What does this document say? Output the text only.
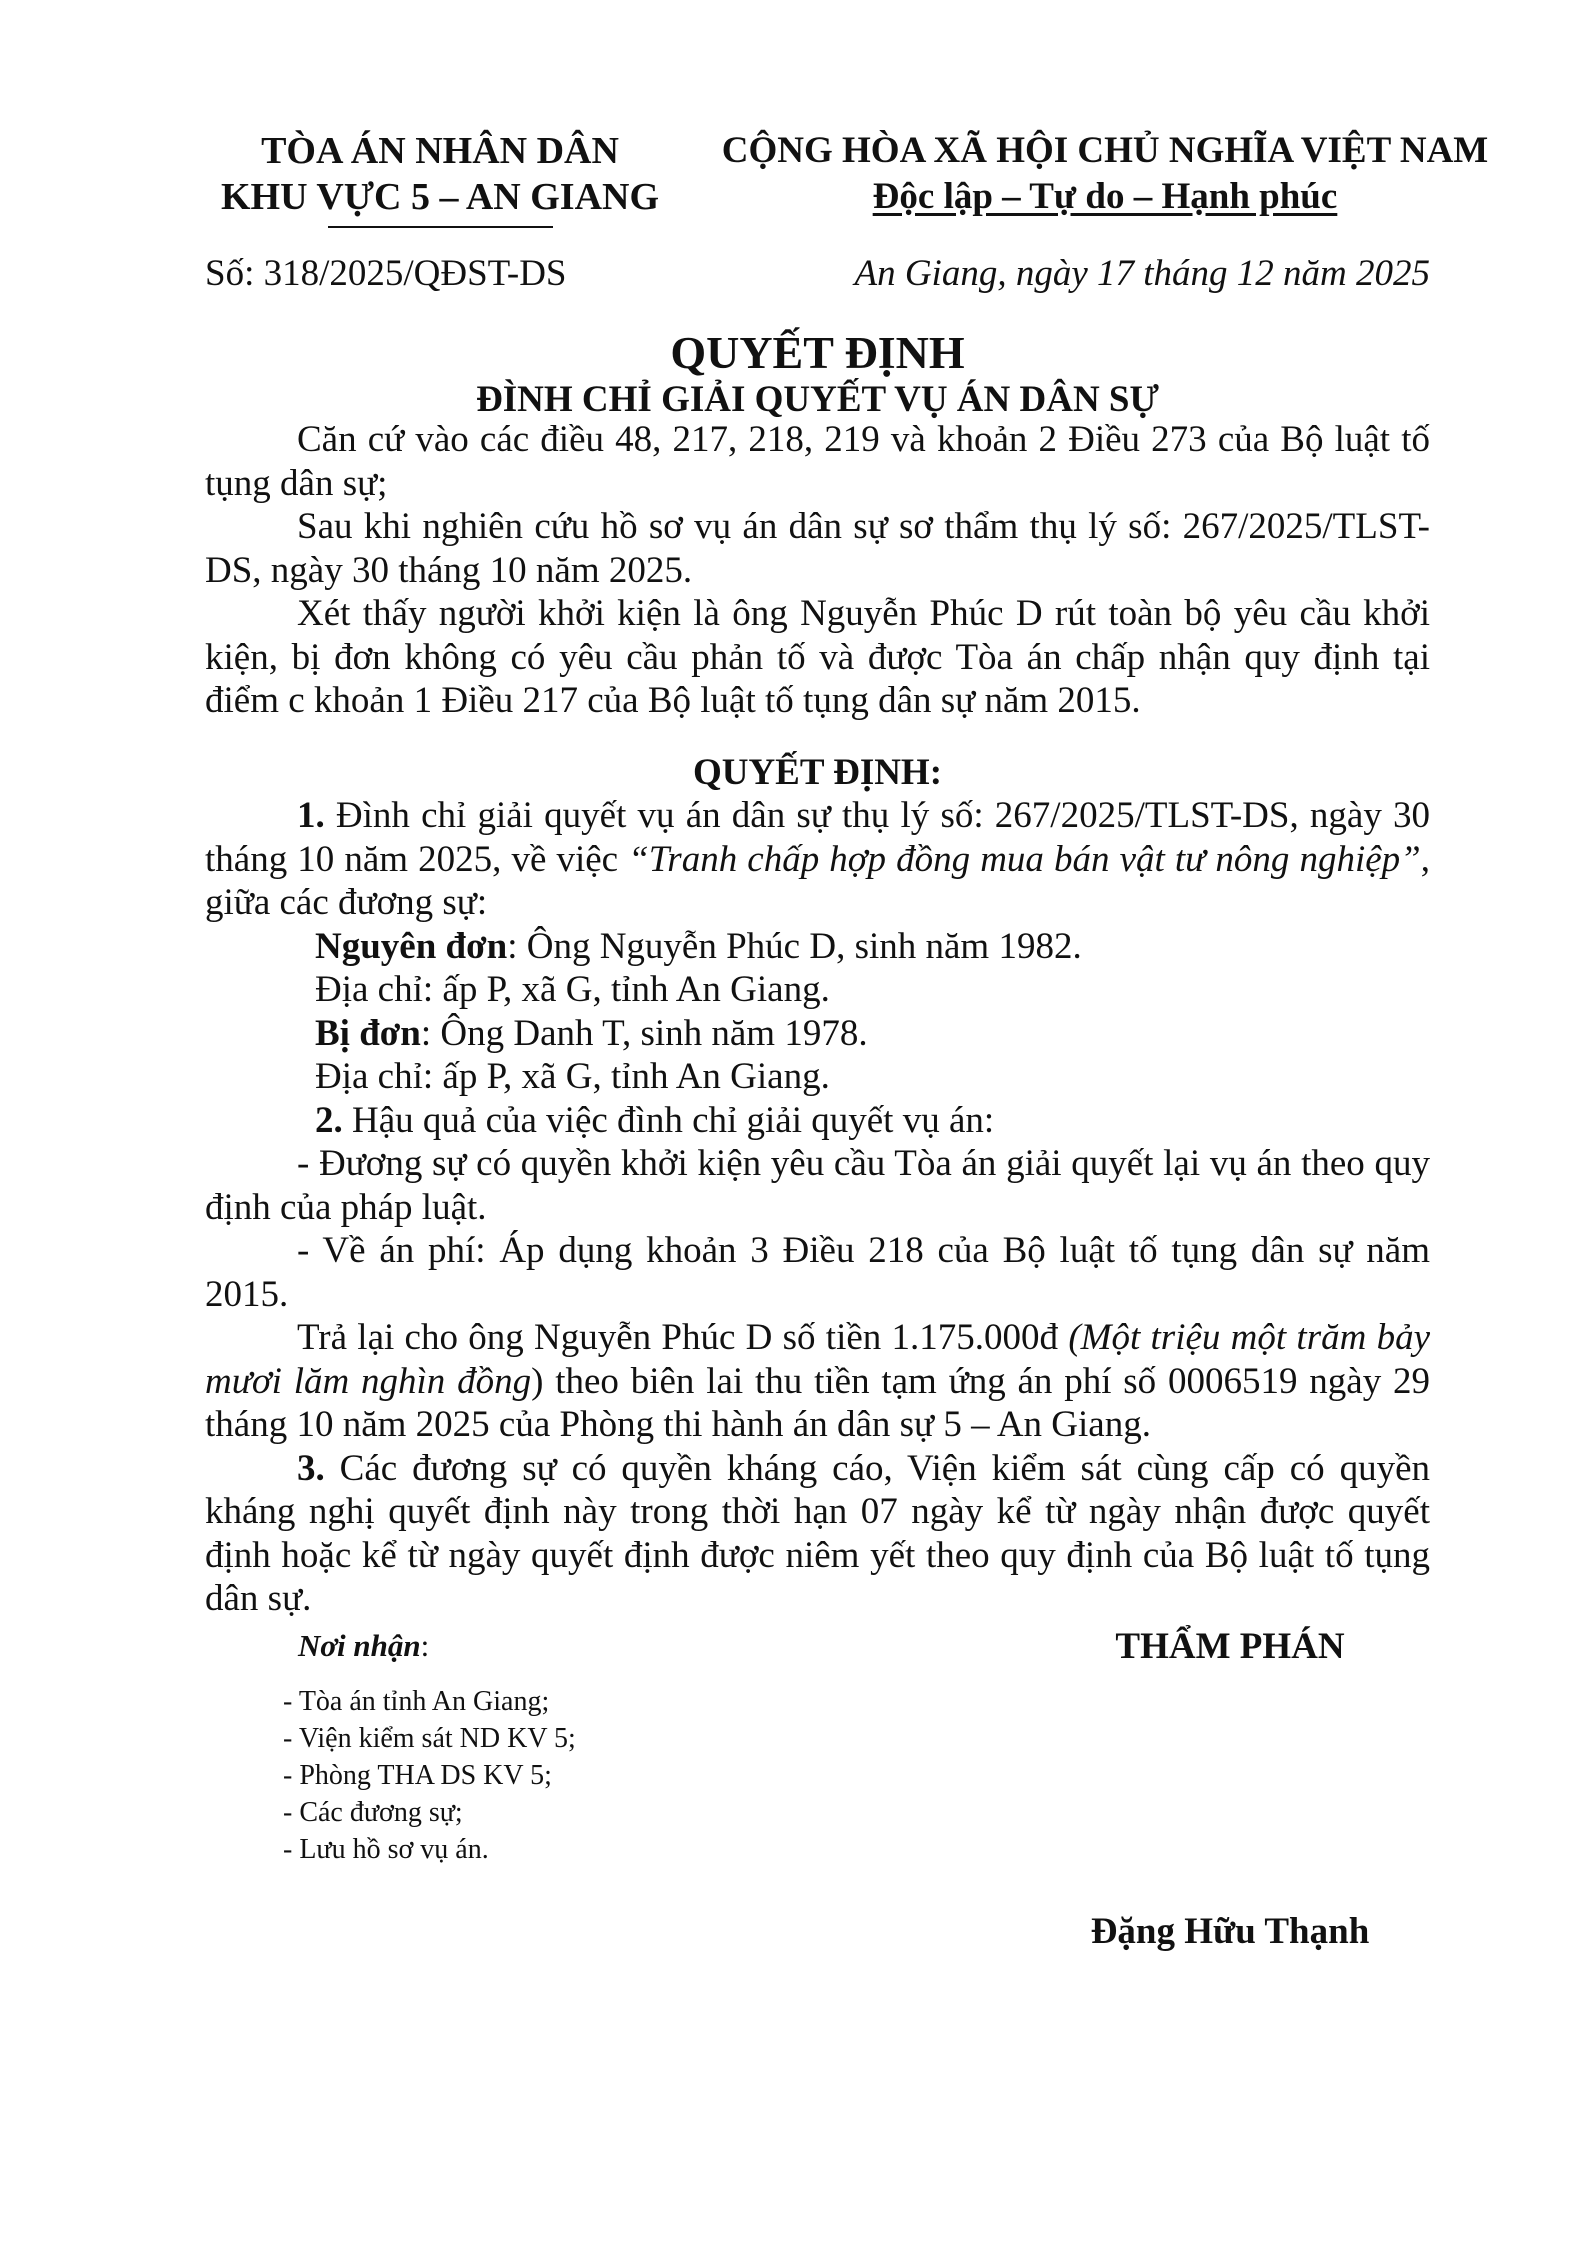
TÒA ÁN NHÂN DÂN
KHU VỰC 5 – AN GIANG
CỘNG HÒA XÃ HỘI CHỦ NGHĨA VIỆT NAM
Độc lập – Tự do – Hạnh phúc
Số: 318/2025/QĐST-DS	An Giang, ngày 17 tháng 12 năm 2025
QUYẾT ĐỊNH
ĐÌNH CHỈ GIẢI QUYẾT VỤ ÁN DÂN SỰ

Căn cứ vào các điều 48, 217, 218, 219 và khoản 2 Điều 273 của Bộ luật tố tụng dân sự;

Sau khi nghiên cứu hồ sơ vụ án dân sự sơ thẩm thụ lý số: 267/2025/TLST-DS, ngày 30 tháng 10 năm 2025.

Xét thấy người khởi kiện là ông Nguyễn Phúc D rút toàn bộ yêu cầu khởi kiện, bị đơn không có yêu cầu phản tố và được Tòa án chấp nhận quy định tại điểm c khoản 1 Điều 217 của Bộ luật tố tụng dân sự năm 2015.

QUYẾT ĐỊNH:

1. Đình chỉ giải quyết vụ án dân sự thụ lý số: 267/2025/TLST-DS, ngày 30 tháng 10 năm 2025, về việc “Tranh chấp hợp đồng mua bán vật tư nông nghiệp”, giữa các đương sự:

Nguyên đơn: Ông Nguyễn Phúc D, sinh năm 1982.

Địa chỉ: ấp P, xã G, tỉnh An Giang.

Bị đơn: Ông Danh T, sinh năm 1978.

Địa chỉ: ấp P, xã G, tỉnh An Giang.

2. Hậu quả của việc đình chỉ giải quyết vụ án:

- Đương sự có quyền khởi kiện yêu cầu Tòa án giải quyết lại vụ án theo quy định của pháp luật.

- Về án phí: Áp dụng khoản 3 Điều 218 của Bộ luật tố tụng dân sự năm 2015.

Trả lại cho ông Nguyễn Phúc D số tiền 1.175.000đ (Một triệu một trăm bảy mươi lăm nghìn đồng) theo biên lai thu tiền tạm ứng án phí số 0006519 ngày 29 tháng 10 năm 2025 của Phòng thi hành án dân sự 5 – An Giang.

3. Các đương sự có quyền kháng cáo, Viện kiểm sát cùng cấp có quyền kháng nghị quyết định này trong thời hạn 07 ngày kể từ ngày nhận được quyết định hoặc kể từ ngày quyết định được niêm yết theo quy định của Bộ luật tố tụng dân sự.

Nơi nhận:
- Tòa án tỉnh An Giang;
- Viện kiểm sát ND KV 5;
- Phòng THA DS KV 5;
- Các đương sự;
- Lưu hồ sơ vụ án.
THẨM PHÁN
Đặng Hữu Thạnh
